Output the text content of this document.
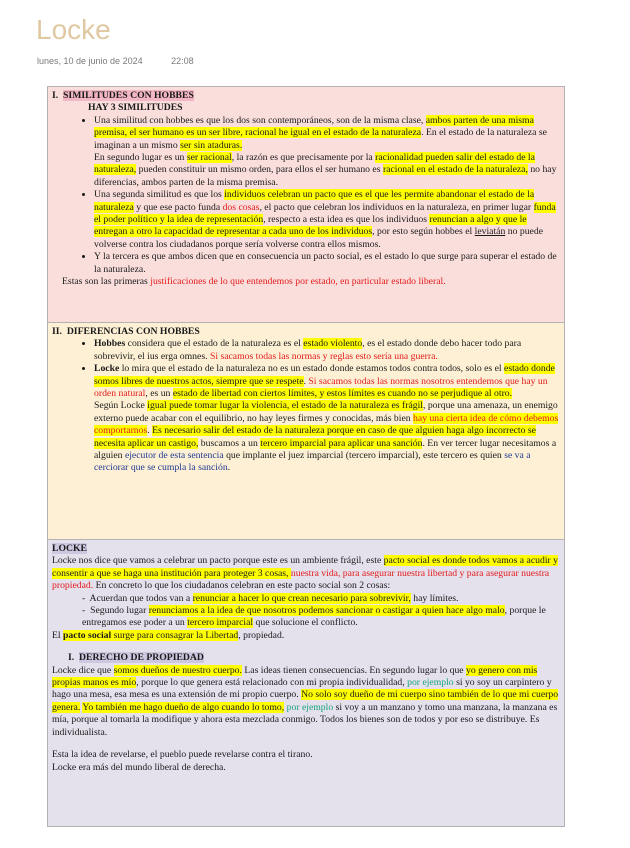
Locke
lunes, 10 de junio de 2024	22:08
I. SIMILITUDES CON HOBBES
HAY 3 SIMILITUDES
• Una similitud con hobbes es que los dos son contemporáneos, son de la misma clase, ambos parten de una misma premisa, el ser humano es un ser libre, racional he igual en el estado de la naturaleza. En el estado de la naturaleza se imaginan a un mismo ser sin ataduras.
En segundo lugar es un ser racional, la razón es que precisamente por la racionalidad pueden salir del estado de la naturaleza, pueden constituir un mismo orden, para ellos el ser humano es racional en el estado de la naturaleza, no hay diferencias, ambos parten de la misma premisa.
• Una segunda similitud es que los individuos celebran un pacto que es el que les permite abandonar el estado de la naturaleza y que ese pacto funda dos cosas, el pacto que celebran los individuos en la naturaleza, en primer lugar funda el poder político y la idea de representación, respecto a esta idea es que los individuos renuncian a algo y que le entregan a otro la capacidad de representar a cada uno de los individuos, por esto según hobbes el leviatán no puede volverse contra los ciudadanos porque sería volverse contra ellos mismos.
• Y la tercera es que ambos dicen que en consecuencia un pacto social, es el estado lo que surge para superar el estado de la naturaleza.
Estas son las primeras justificaciones de lo que entendemos por estado, en particular estado liberal.
II. DIFERENCIAS CON HOBBES
• Hobbes considera que el estado de la naturaleza es el estado violento, es el estado donde debo hacer todo para sobrevivir, el ius erga omnes. Si sacamos todas las normas y reglas esto sería una guerra.
• Locke lo mira que el estado de la naturaleza no es un estado donde estamos todos contra todos, solo es el estado donde somos libres de nuestros actos, siempre que se respete. Si sacamos todas las normas nosotros entendemos que hay un orden natural, es un estado de libertad con ciertos límites, y estos límites es cuando no se perjudique al otro.
Según Locke igual puede tomar lugar la violencia, el estado de la naturaleza es frágil, porque una amenaza, un enemigo externo puede acabar con el equilibrio, no hay leyes firmes y conocidas, más bien hay una cierta idea de cómo debemos comportarnos. Es necesario salir del estado de la naturaleza porque en caso de que alguien haga algo incorrecto se necesita aplicar un castigo, buscamos a un tercero imparcial para aplicar una sanción. En ver tercer lugar necesitamos a alguien ejecutor de esta sentencia que implante el juez imparcial (tercero imparcial), este tercero es quien se va a cerciorar que se cumpla la sanción.
LOCKE
Locke nos dice que vamos a celebrar un pacto porque este es un ambiente frágil, este pacto social es donde todos vamos a acudir y consentir a que se haga una institución para proteger 3 cosas, nuestra vida, para asegurar nuestra libertad y para asegurar nuestra propiedad. En concreto lo que los ciudadanos celebran en este pacto social son 2 cosas:
-  Acuerdan que todos van a renunciar a hacer lo que crean necesario para sobrevivir, hay límites.
-  Segundo lugar renunciamos a la idea de que nosotros podemos sancionar o castigar a quien hace algo malo, porque le entregamos ese poder a un tercero imparcial que solucione el conflicto.
El pacto social surge para consagrar la Libertad, propiedad.
I. DERECHO DE PROPIEDAD
Locke dice que somos dueños de nuestro cuerpo. Las ideas tienen consecuencias. En segundo lugar lo que yo genero con mis propias manos es mío, porque lo que genera está relacionado con mi propia individualidad, por ejemplo si yo soy un carpintero y hago una mesa, esa mesa es una extensión de mi propio cuerpo. No solo soy dueño de mi cuerpo sino también de lo que mi cuerpo genera. Yo también me hago dueño de algo cuando lo tomo, por ejemplo si voy a un manzano y tomo una manzana, la manzana es mía, porque al tomarla la modifique y ahora esta mezclada conmigo. Todos los bienes son de todos y por eso se distribuye. Es individualista.
Esta la idea de revelarse, el pueblo puede revelarse contra el tirano.
Locke era más del mundo liberal de derecha.
